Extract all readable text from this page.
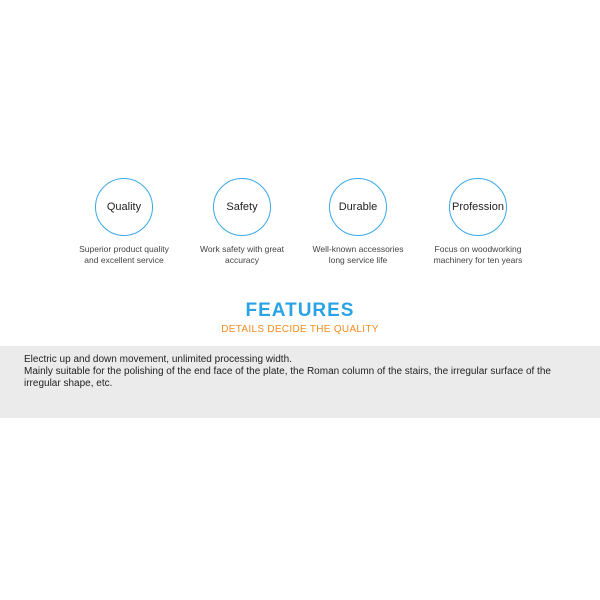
Quality
Superior product quality
and excellent service
Safety
Work safety with great
accuracy
Durable
Well-known accessories
long service life
Profession
Focus on woodworking
machinery for ten years
FEATURES
DETAILS DECIDE THE QUALITY

Electric up and down movement, unlimited processing width.

Mainly suitable for the polishing of the end face of the plate, the Roman column of the stairs, the irregular surface of the irregular shape, etc.
